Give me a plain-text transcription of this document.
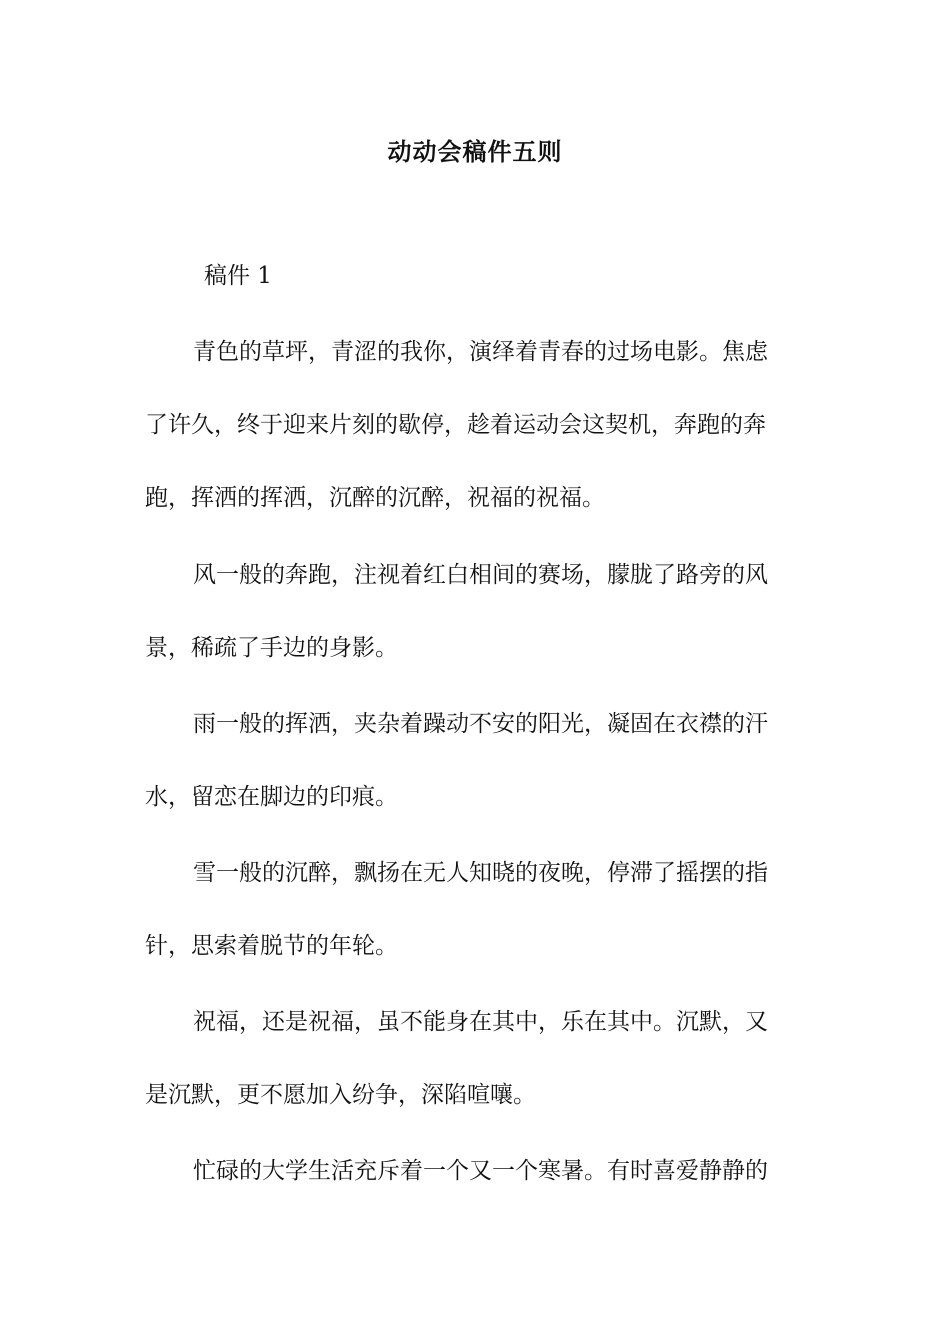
动动会稿件五则
稿件 1
青色的草坪，青涩的我你，演绎着青春的过场电影。焦虑
了许久，终于迎来片刻的歇停，趁着运动会这契机，奔跑的奔
跑，挥洒的挥洒，沉醉的沉醉，祝福的祝福。
风一般的奔跑，注视着红白相间的赛场，朦胧了路旁的风
景，稀疏了手边的身影。
雨一般的挥洒，夹杂着躁动不安的阳光，凝固在衣襟的汗
水，留恋在脚边的印痕。
雪一般的沉醉，飘扬在无人知晓的夜晚，停滞了摇摆的指
针，思索着脱节的年轮。
祝福，还是祝福，虽不能身在其中，乐在其中。沉默，又
是沉默，更不愿加入纷争，深陷喧嚷。
忙碌的大学生活充斥着一个又一个寒暑。有时喜爱静静的
